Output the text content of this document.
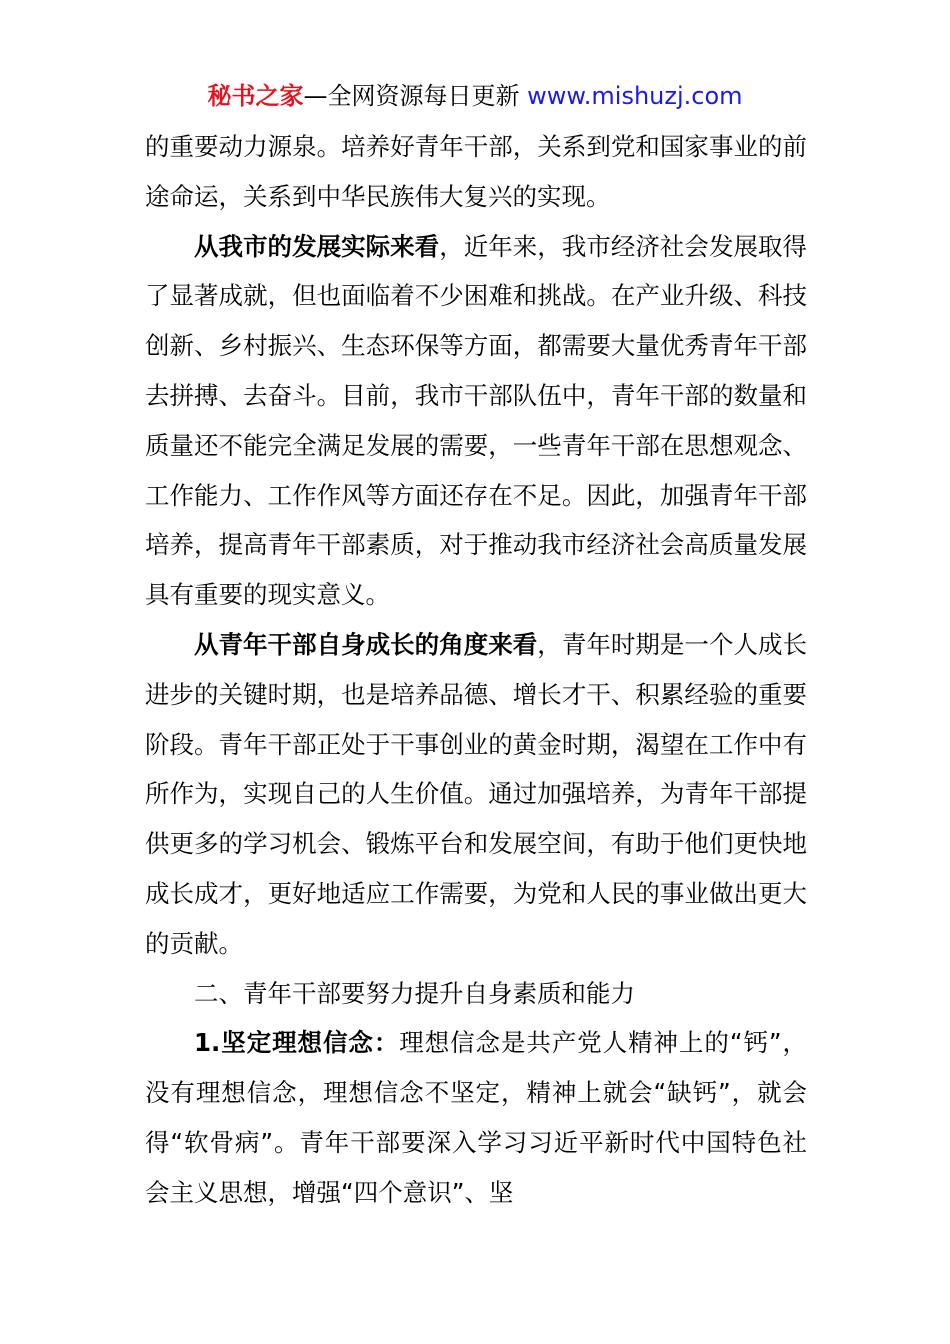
秘书之家—全网资源每日更新 www.mishuzj.com

的重要动力源泉。培养好青年干部，关系到党和国家事业的前途命运，关系到中华民族伟大复兴的实现。

从我市的发展实际来看，近年来，我市经济社会发展取得了显著成就，但也面临着不少困难和挑战。在产业升级、科技创新、乡村振兴、生态环保等方面，都需要大量优秀青年干部去拼搏、去奋斗。目前，我市干部队伍中，青年干部的数量和质量还不能完全满足发展的需要，一些青年干部在思想观念、工作能力、工作作风等方面还存在不足。因此，加强青年干部培养，提高青年干部素质，对于推动我市经济社会高质量发展具有重要的现实意义。

从青年干部自身成长的角度来看，青年时期是一个人成长进步的关键时期，也是培养品德、增长才干、积累经验的重要阶段。青年干部正处于干事创业的黄金时期，渴望在工作中有所作为，实现自己的人生价值。通过加强培养，为青年干部提供更多的学习机会、锻炼平台和发展空间，有助于他们更快地成长成才，更好地适应工作需要，为党和人民的事业做出更大的贡献。

二、青年干部要努力提升自身素质和能力

1.坚定理想信念：理想信念是共产党人精神上的“钙”，没有理想信念，理想信念不坚定，精神上就会“缺钙”，就会得“软骨病”。青年干部要深入学习习近平新时代中国特色社会主义思想，增强“四个意识”、坚
